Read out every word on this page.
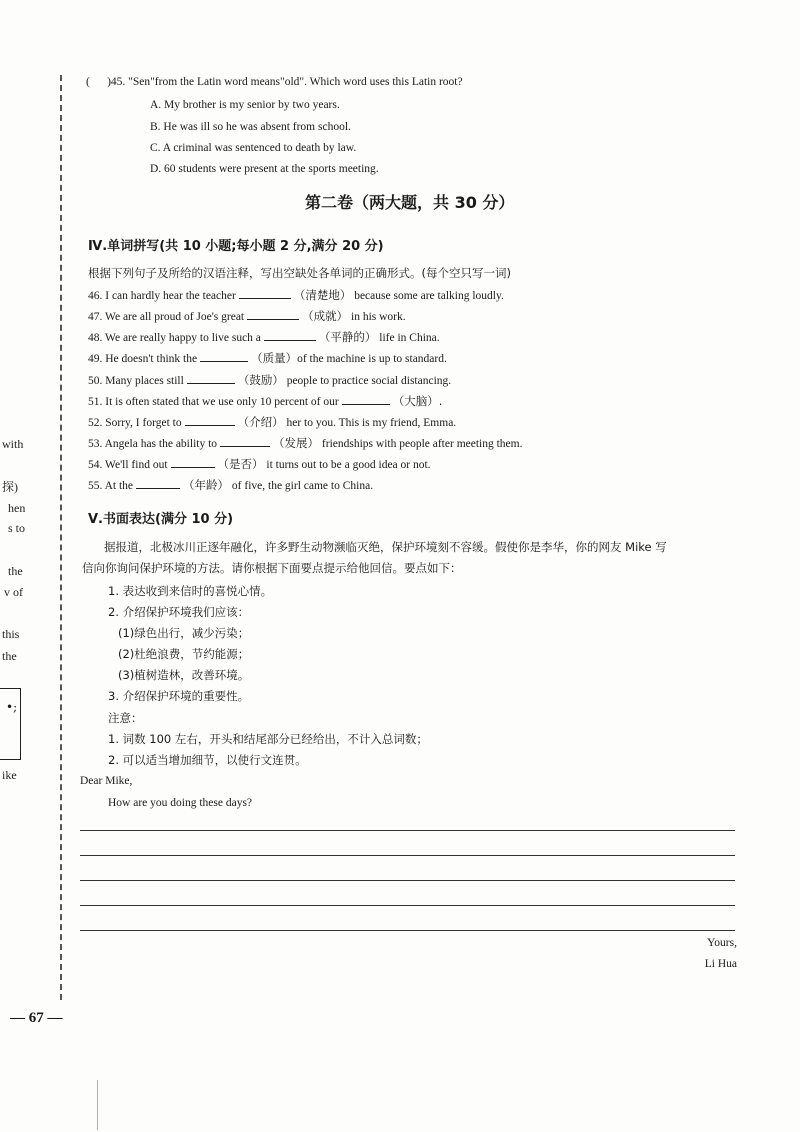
with
探)
hen
s to
the
v of
this
the
•;
ike
— 67 —
(      )45. "Sen"from the Latin word means"old". Which word uses this Latin root?
A. My brother is my senior by two years.
B. He was ill so he was absent from school.
C. A criminal was sentenced to death by law.
D. 60 students were present at the sports meeting.
第二卷（两大题，共 30 分）
Ⅳ.单词拼写(共 10 小题;每小题 2 分,满分 20 分)
根据下列句子及所给的汉语注释，写出空缺处各单词的正确形式。(每个空只写一词)
46. I can hardly hear the teacher	（清楚地） because some are talking loudly.
47. We are all proud of Joe's great	（成就） in his work.
48. We are really happy to live such a	（平静的） life in China.
49. He doesn't think the	（质量）of the machine is up to standard.
50. Many places still	（鼓励） people to practice social distancing.
51. It is often stated that we use only 10 percent of our	（大脑）.
52. Sorry, I forget to	（介绍） her to you. This is my friend, Emma.
53. Angela has the ability to	（发展） friendships with people after meeting them.
54. We'll find out	（是否） it turns out to be a good idea or not.
55. At the	（年龄） of five, the girl came to China.
Ⅴ.书面表达(满分 10 分)
据报道，北极冰川正逐年融化，许多野生动物濒临灭绝，保护环境刻不容缓。假使你是李华，你的网友 Mike 写
信向你询问保护环境的方法。请你根据下面要点提示给他回信。要点如下：
1. 表达收到来信时的喜悦心情。
2. 介绍保护环境我们应该：
(1)绿色出行，减少污染；
(2)杜绝浪费，节约能源；
(3)植树造林，改善环境。
3. 介绍保护环境的重要性。
注意：
1. 词数 100 左右，开头和结尾部分已经给出，不计入总词数；
2. 可以适当增加细节，以使行文连贯。
Dear Mike,
How are you doing these days?
Yours,
Li Hua
